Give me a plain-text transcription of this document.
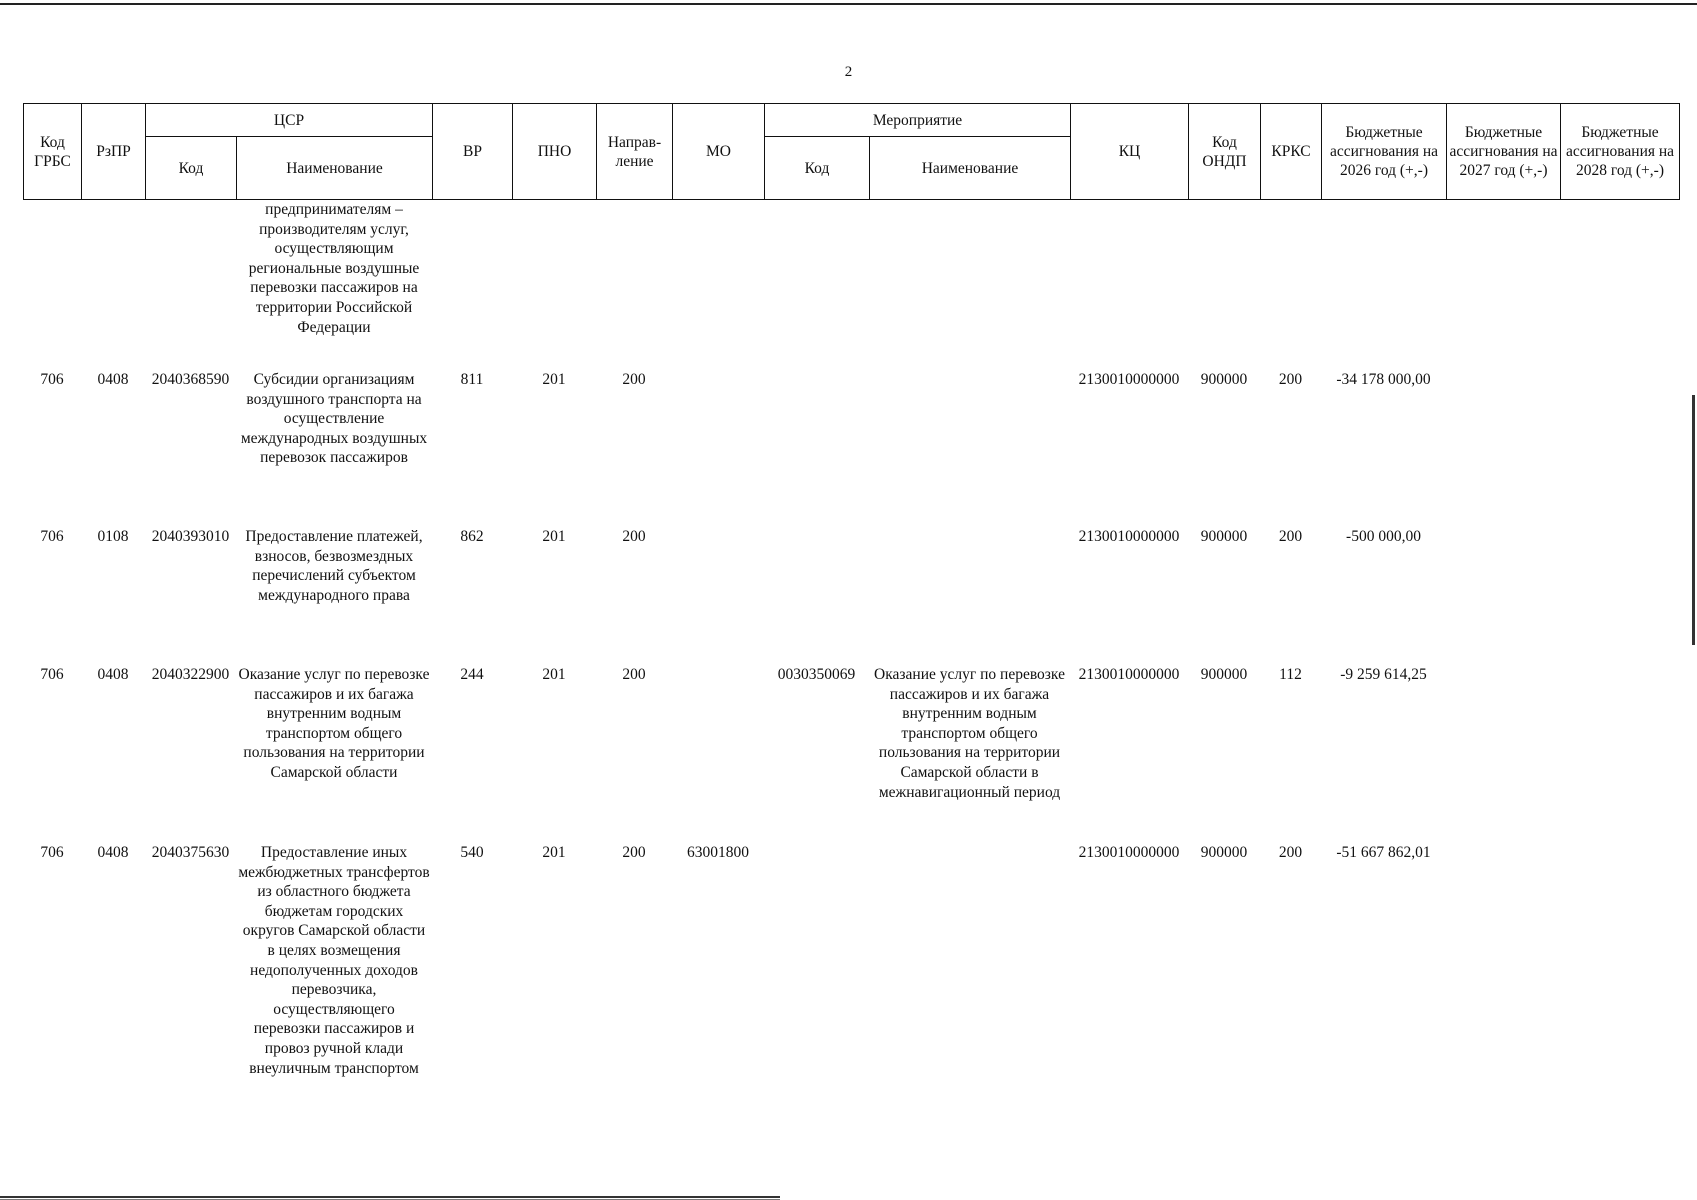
2
Код ГРБС	РзПР	ЦСР		ВР	ПНО	Направ-ление	МО	Мероприятие		КЦ	Код ОНДП	КРКС	Бюджетные ассигнования на 2026 год (+,-)	Бюджетные ассигнования на 2027 год (+,-)	Бюджетные ассигнования на 2028 год (+,-)
		Код	Наименование					Код	Наименование						
			предпринимателям – производителям услуг, осуществляющим региональные воздушные перевозки пассажиров на территории Российской Федерации												
706	0408	2040368590	Субсидии организациям воздушного транспорта на осуществление международных воздушных перевозок пассажиров	811	201	200				2130010000000	900000	200	-34 178 000,00		
706	0108	2040393010	Предоставление платежей, взносов, безвозмездных перечислений субъектом международного права	862	201	200				2130010000000	900000	200	-500 000,00		
706	0408	2040322900	Оказание услуг по перевозке пассажиров и их багажа внутренним водным транспортом общего пользования на территории Самарской области	244	201	200		0030350069	Оказание услуг по перевозке пассажиров и их багажа внутренним водным транспортом общего пользования на территории Самарской области в межнавигационный период	2130010000000	900000	112	-9 259 614,25		
706	0408	2040375630	Предоставление иных межбюджетных трансфертов из областного бюджета бюджетам городских округов Самарской области в целях возмещения недополученных доходов перевозчика, осуществляющего перевозки пассажиров и провоз ручной клади внеуличным транспортом	540	201	200	63001800			2130010000000	900000	200	-51 667 862,01		
